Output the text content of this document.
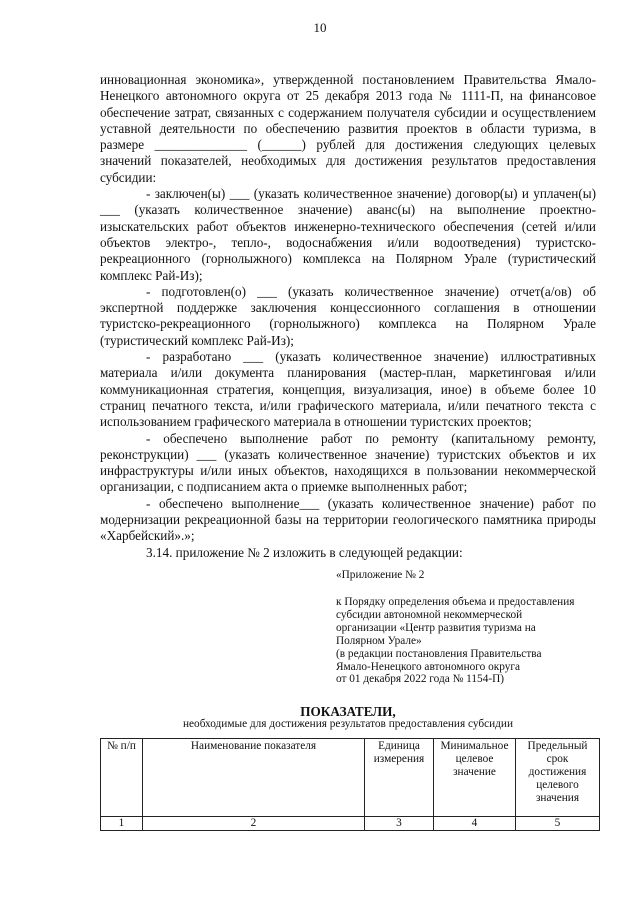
10

инновационная экономика», утвержденной постановлением Правительства Ямало-Ненецкого автономного округа от 25 декабря 2013 года № 1111-П, на финансовое обеспечение затрат, связанных с содержанием получателя субсидии и осуществлением уставной деятельности по обеспечению развития проектов в области туризма, в размере ______________ (______) рублей для достижения следующих целевых значений показателей, необходимых для достижения результатов предоставления субсидии:

- заключен(ы) ___ (указать количественное значение) договор(ы) и уплачен(ы) ___ (указать количественное значение) аванс(ы) на выполнение проектно-изыскательских работ объектов инженерно-технического обеспечения (сетей и/или объектов электро-, тепло-, водоснабжения и/или водоотведения) туристско-рекреационного (горнолыжного) комплекса на Полярном Урале (туристический комплекс Рай-Из);

- подготовлен(о) ___ (указать количественное значение) отчет(а/ов) об экспертной поддержке заключения концессионного соглашения в отношении туристско-рекреационного (горнолыжного) комплекса на Полярном Урале (туристический комплекс Рай-Из);

- разработано ___ (указать количественное значение) иллюстративных материала и/или документа планирования (мастер-план, маркетинговая и/или коммуникационная стратегия, концепция, визуализация, иное) в объеме более 10 страниц печатного текста, и/или графического материала, и/или печатного текста с использованием графического материала в отношении туристских проектов;

- обеспечено выполнение работ по ремонту (капитальному ремонту, реконструкции) ___ (указать количественное значение) туристских объектов и их инфраструктуры и/или иных объектов, находящихся в пользовании некоммерческой организации, с подписанием акта о приемке выполненных работ;

- обеспечено выполнение___ (указать количественное значение) работ по модернизации рекреационной базы на территории геологического памятника природы «Харбейский».»;

3.14. приложение № 2 изложить в следующей редакции:

«Приложение № 2
к Порядку определения объема и предоставления
субсидии автономной некоммерческой
организации «Центр развития туризма на
Полярном Урале»
(в редакции постановления Правительства
Ямало-Ненецкого автономного округа
от 01 декабря 2022 года № 1154-П)
ПОКАЗАТЕЛИ,
необходимые для достижения результатов предоставления субсидии
№ п/п	Наименование показателя	Единица измерения	Минимальное целевое значение	Предельный срок достижения целевого значения
1	2	3	4	5
